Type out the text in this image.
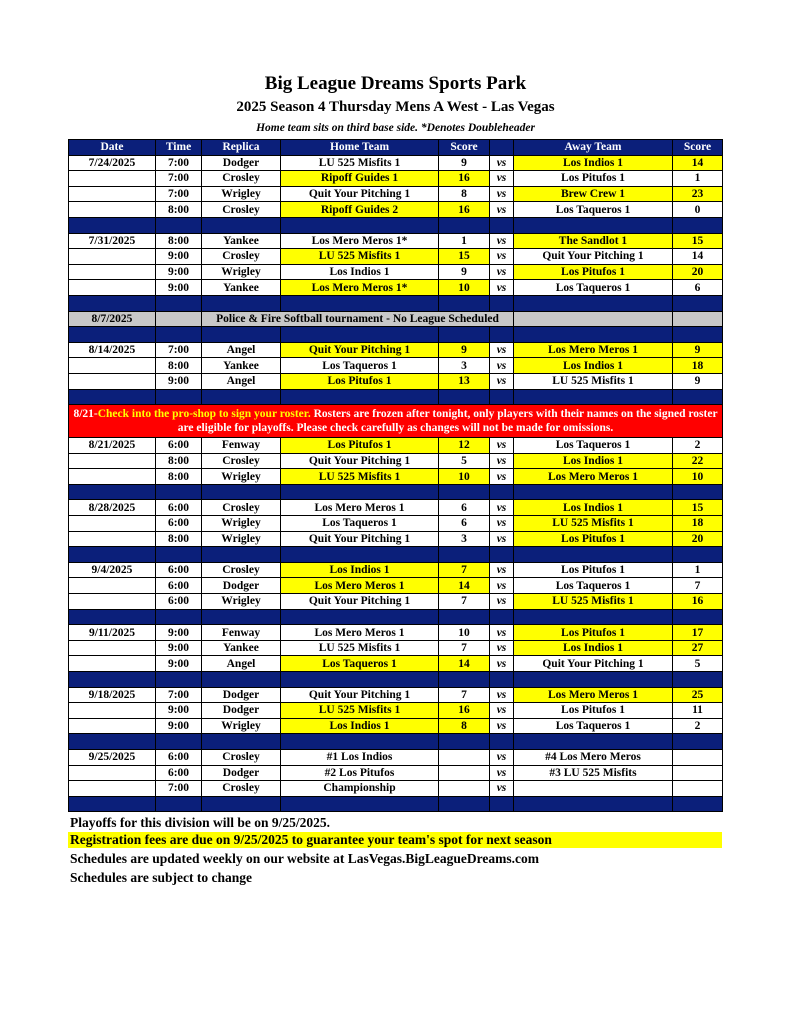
Big League Dreams Sports Park
2025 Season 4 Thursday Mens A West - Las Vegas
Home team sits on third base side. *Denotes Doubleheader
Date	Time	Replica	Home Team	Score		Away Team	Score
7/24/2025	7:00	Dodger	LU 525 Misfits 1	9	vs	Los Indios 1	14
	7:00	Crosley	Ripoff Guides 1	16	vs	Los Pitufos 1	1
	7:00	Wrigley	Quit Your Pitching 1	8	vs	Brew Crew 1	23
	8:00	Crosley	Ripoff Guides 2	16	vs	Los Taqueros 1	0

7/31/2025	8:00	Yankee	Los Mero Meros 1*	1	vs	The Sandlot 1	15
	9:00	Crosley	LU 525 Misfits 1	15	vs	Quit Your Pitching 1	14
	9:00	Wrigley	Los Indios 1	9	vs	Los Pitufos 1	20
	9:00	Yankee	Los Mero Meros 1*	10	vs	Los Taqueros 1	6

8/7/2025		Police & Fire Softball tournament - No League Scheduled					

8/14/2025	7:00	Angel	Quit Your Pitching 1	9	vs	Los Mero Meros 1	9
	8:00	Yankee	Los Taqueros 1	3	vs	Los Indios 1	18
	9:00	Angel	Los Pitufos 1	13	vs	LU 525 Misfits 1	9

8/21-Check into the pro-shop to sign your roster. Rosters are frozen after tonight, only players with their names on the signed roster are eligible for playoffs. Please check carefully as changes will not be made for omissions.							
8/21/2025	6:00	Fenway	Los Pitufos 1	12	vs	Los Taqueros 1	2
	8:00	Crosley	Quit Your Pitching 1	5	vs	Los Indios 1	22
	8:00	Wrigley	LU 525 Misfits 1	10	vs	Los Mero Meros 1	10

8/28/2025	6:00	Crosley	Los Mero Meros 1	6	vs	Los Indios 1	15
	6:00	Wrigley	Los Taqueros 1	6	vs	LU 525 Misfits 1	18
	8:00	Wrigley	Quit Your Pitching 1	3	vs	Los Pitufos 1	20

9/4/2025	6:00	Crosley	Los Indios 1	7	vs	Los Pitufos 1	1
	6:00	Dodger	Los Mero Meros 1	14	vs	Los Taqueros 1	7
	6:00	Wrigley	Quit Your Pitching 1	7	vs	LU 525 Misfits 1	16

9/11/2025	9:00	Fenway	Los Mero Meros 1	10	vs	Los Pitufos 1	17
	9:00	Yankee	LU 525 Misfits 1	7	vs	Los Indios 1	27
	9:00	Angel	Los Taqueros 1	14	vs	Quit Your Pitching 1	5

9/18/2025	7:00	Dodger	Quit Your Pitching 1	7	vs	Los Mero Meros 1	25
	9:00	Dodger	LU 525 Misfits 1	16	vs	Los Pitufos 1	11
	9:00	Wrigley	Los Indios 1	8	vs	Los Taqueros 1	2

9/25/2025	6:00	Crosley	#1 Los Indios		vs	#4 Los Mero Meros	
	6:00	Dodger	#2 Los Pitufos		vs	#3 LU 525 Misfits	
	7:00	Crosley	Championship		vs		

Playoffs for this division will be on 9/25/2025.
Registration fees are due on 9/25/2025 to guarantee your team's spot for next season
Schedules are updated weekly on our website at LasVegas.BigLeagueDreams.com
Schedules are subject to change
